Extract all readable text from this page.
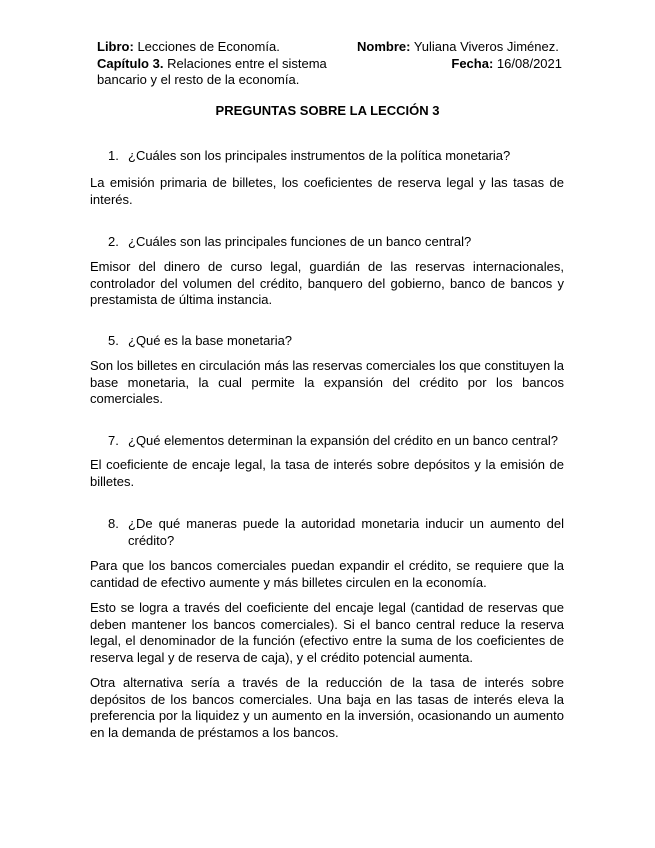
Libro: Lecciones de Economía.

Capítulo 3. Relaciones entre el sistema bancario y el resto de la economía.

Nombre: Yuliana Viveros Jiménez.

Fecha: 16/08/2021

PREGUNTAS SOBRE LA LECCIÓN 3

1. ¿Cuáles son los principales instrumentos de la política monetaria?

La emisión primaria de billetes, los coeficientes de reserva legal y las tasas de interés.

2. ¿Cuáles son las principales funciones de un banco central?

Emisor del dinero de curso legal, guardián de las reservas internacionales, controlador del volumen del crédito, banquero del gobierno, banco de bancos y prestamista de última instancia.

5. ¿Qué es la base monetaria?

Son los billetes en circulación más las reservas comerciales los que constituyen la base monetaria, la cual permite la expansión del crédito por los bancos comerciales.

7. ¿Qué elementos determinan la expansión del crédito en un banco central?

El coeficiente de encaje legal, la tasa de interés sobre depósitos y la emisión de billetes.

8. ¿De qué maneras puede la autoridad monetaria inducir un aumento del crédito?

Para que los bancos comerciales puedan expandir el crédito, se requiere que la cantidad de efectivo aumente y más billetes circulen en la economía.

Esto se logra a través del coeficiente del encaje legal (cantidad de reservas que deben mantener los bancos comerciales). Si el banco central reduce la reserva legal, el denominador de la función (efectivo entre la suma de los coeficientes de reserva legal y de reserva de caja), y el crédito potencial aumenta.

Otra alternativa sería a través de la reducción de la tasa de interés sobre depósitos de los bancos comerciales. Una baja en las tasas de interés eleva la preferencia por la liquidez y un aumento en la inversión, ocasionando un aumento en la demanda de préstamos a los bancos.
